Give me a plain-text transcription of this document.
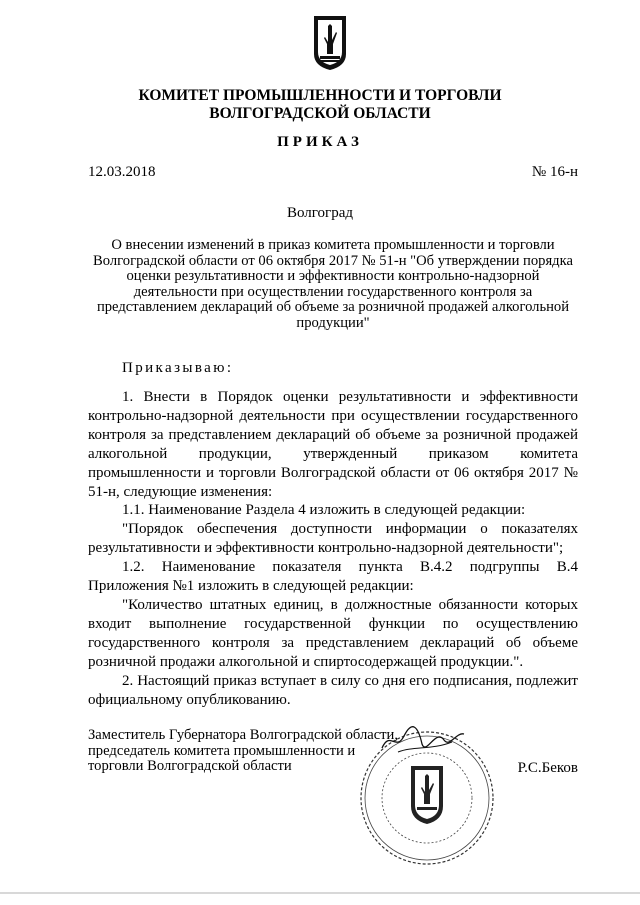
КОМИТЕТ ПРОМЫШЛЕННОСТИ И ТОРГОВЛИ
ВОЛГОГРАДСКОЙ ОБЛАСТИ
ПРИКАЗ
12.03.2018	№ 16-н
Волгоград
О внесении изменений в приказ комитета промышленности и торговли Волгоградской области от 06 октября 2017 № 51-н "Об утверждении порядка оценки результативности и эффективности контрольно-надзорной деятельности при осуществлении государственного контроля за представлением деклараций об объеме за розничной продажей алкогольной продукции"
Приказываю:

1. Внести в Порядок оценки результативности и эффективности контрольно-надзорной деятельности при осуществлении государственного контроля за представлением деклараций об объеме за розничной продажей алкогольной продукции, утвержденный приказом комитета промышленности и торговли Волгоградской области от 06 октября 2017 № 51-н, следующие изменения:

1.1. Наименование Раздела 4 изложить в следующей редакции:

"Порядок обеспечения доступности информации о показателях результативности и эффективности контрольно-надзорной деятельности";

1.2. Наименование показателя пункта В.4.2 подгруппы В.4 Приложения №1 изложить в следующей редакции:

"Количество штатных единиц, в должностные обязанности которых входит выполнение государственной функции по осуществлению государственного контроля за представлением деклараций об объеме розничной продажи алкогольной и спиртосодержащей продукции.".

2. Настоящий приказ вступает в силу со дня его подписания, подлежит официальному опубликованию.

Заместитель Губернатора Волгоградской области,
председатель комитета промышленности и
торговли Волгоградской области	Р.С.Беков
